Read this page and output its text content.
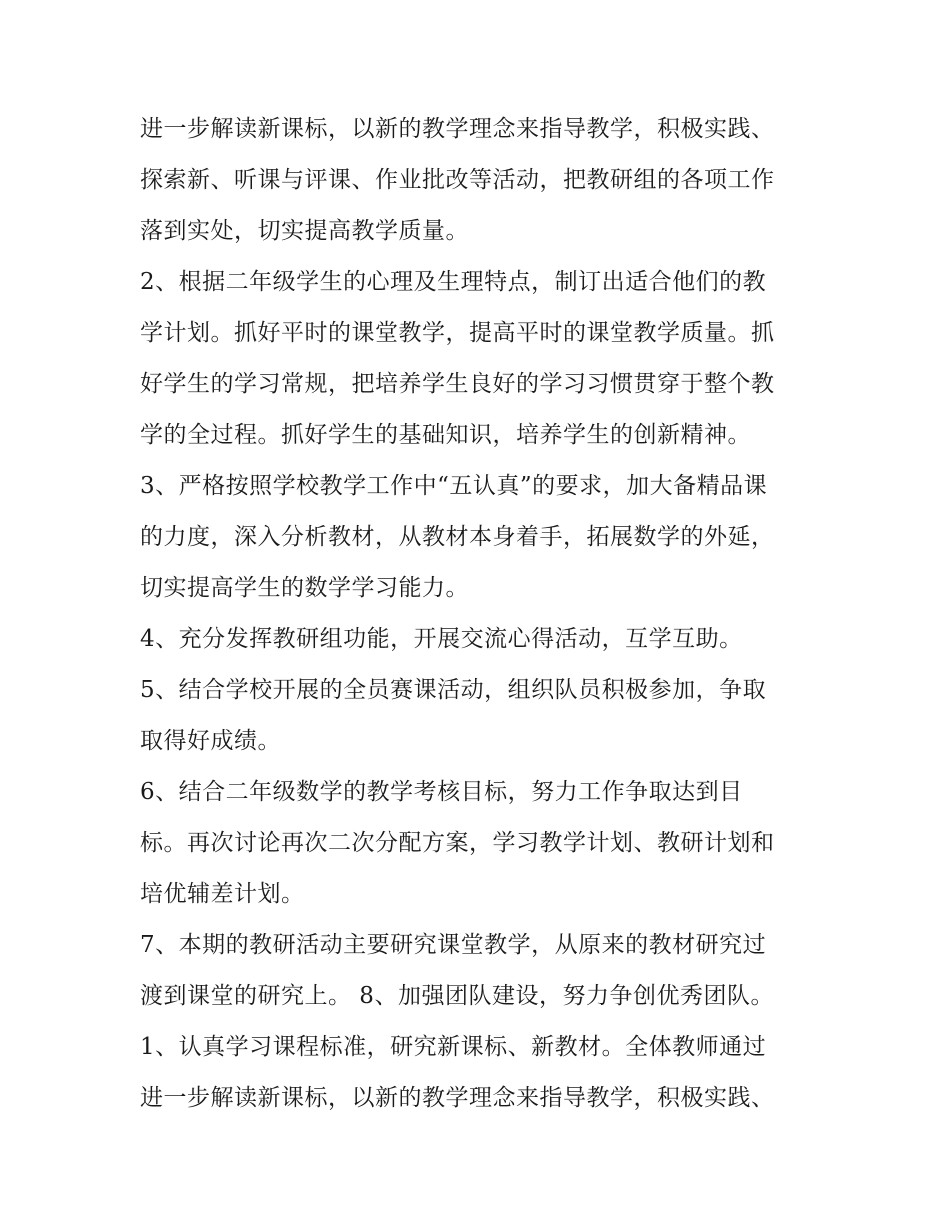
进一步解读新课标，以新的教学理念来指导教学，积极实践、
探索新、听课与评课、作业批改等活动，把教研组的各项工作
落到实处，切实提高教学质量。
2、根据二年级学生的心理及生理特点，制订出适合他们的教
学计划。抓好平时的课堂教学，提高平时的课堂教学质量。抓
好学生的学习常规，把培养学生良好的学习习惯贯穿于整个教
学的全过程。抓好学生的基础知识，培养学生的创新精神。
3、严格按照学校教学工作中“五认真”的要求，加大备精品课
的力度，深入分析教材，从教材本身着手，拓展数学的外延，
切实提高学生的数学学习能力。
4、充分发挥教研组功能，开展交流心得活动，互学互助。
5、结合学校开展的全员赛课活动，组织队员积极参加，争取
取得好成绩。
6、结合二年级数学的教学考核目标，努力工作争取达到目
标。再次讨论再次二次分配方案，学习教学计划、教研计划和
培优辅差计划。
7、本期的教研活动主要研究课堂教学，从原来的教材研究过
渡到课堂的研究上。 8、加强团队建设，努力争创优秀团队。
1、认真学习课程标准，研究新课标、新教材。全体教师通过
进一步解读新课标，以新的教学理念来指导教学，积极实践、
